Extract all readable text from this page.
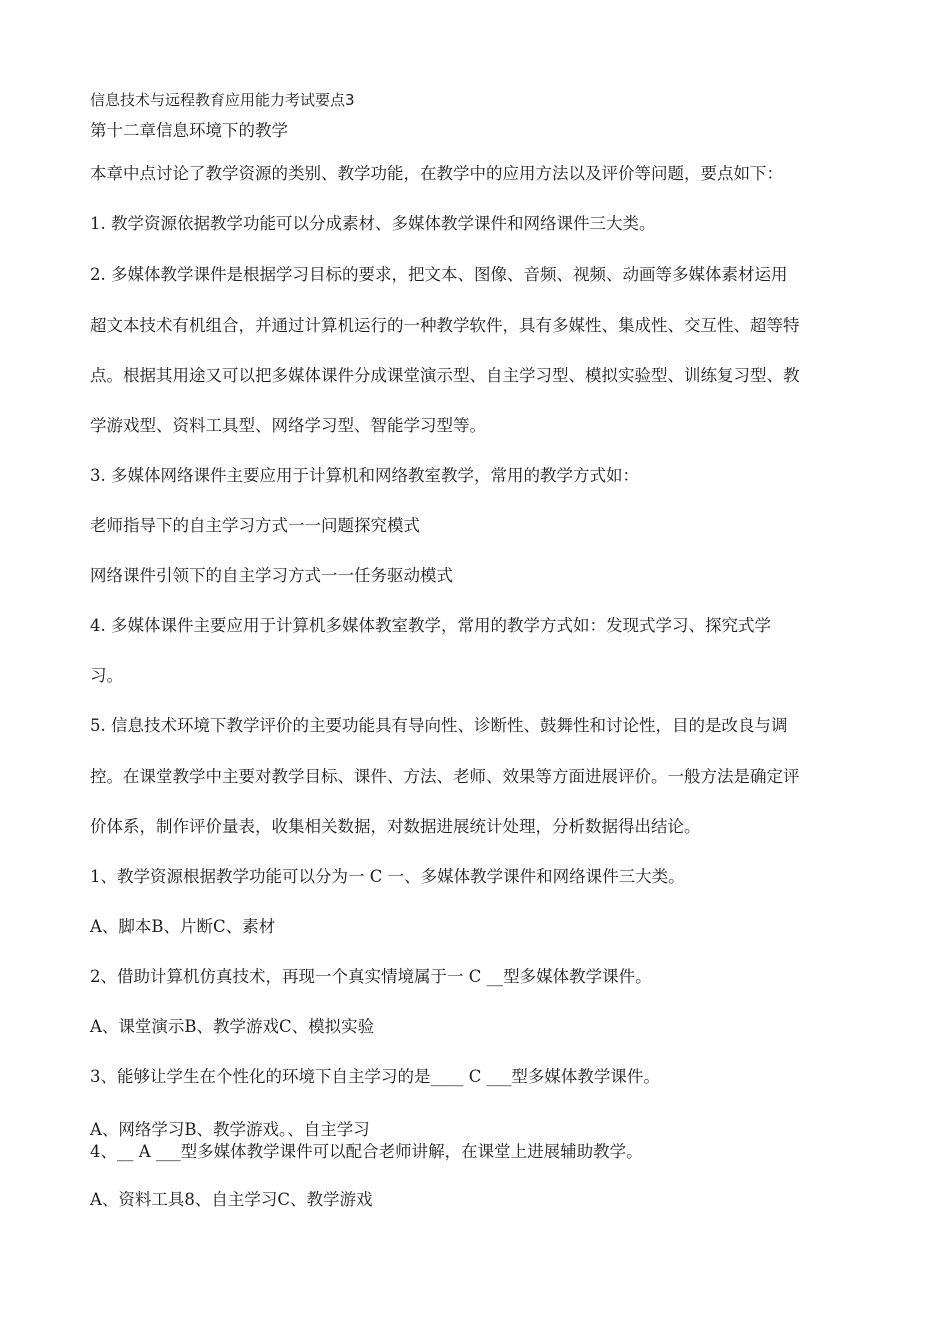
信息技术与远程教育应用能力考试要点3
第十二章信息环境下的教学
本章中点讨论了教学资源的类别、教学功能，在教学中的应用方法以及评价等问题，要点如下：
1. 教学资源依据教学功能可以分成素材、多媒体教学课件和网络课件三大类。
2. 多媒体教学课件是根据学习目标的要求，把文本、图像、音频、视频、动画等多媒体素材运用
超文本技术有机组合，并通过计算机运行的一种教学软件，具有多媒性、集成性、交互性、超等特
点。根据其用途又可以把多媒体课件分成课堂演示型、自主学习型、模拟实验型、训练复习型、教
学游戏型、资料工具型、网络学习型、智能学习型等。
3. 多媒体网络课件主要应用于计算机和网络教室教学，常用的教学方式如：
老师指导下的自主学习方式一一问题探究模式
网络课件引领下的自主学习方式一一任务驱动模式
4. 多媒体课件主要应用于计算机多媒体教室教学，常用的教学方式如：发现式学习、探究式学
习。
5. 信息技术环境下教学评价的主要功能具有导向性、诊断性、鼓舞性和讨论性，目的是改良与调
控。在课堂教学中主要对教学目标、课件、方法、老师、效果等方面进展评价。一般方法是确定评
价体系，制作评价量表，收集相关数据，对数据进展统计处理，分析数据得出结论。
1、教学资源根据教学功能可以分为一 C 一、多媒体教学课件和网络课件三大类。
A、脚本B、片断C、素材
2、借助计算机仿真技术，再现一个真实情境属于一 C __型多媒体教学课件。
A、课堂演示B、教学游戏C、模拟实验
3、能够让学生在个性化的环境下自主学习的是____ C ___型多媒体教学课件。
A、网络学习B、教学游戏。、自主学习
4、__ A ___型多媒体教学课件可以配合老师讲解，在课堂上进展辅助教学。
A、资料工具8、自主学习C、教学游戏
